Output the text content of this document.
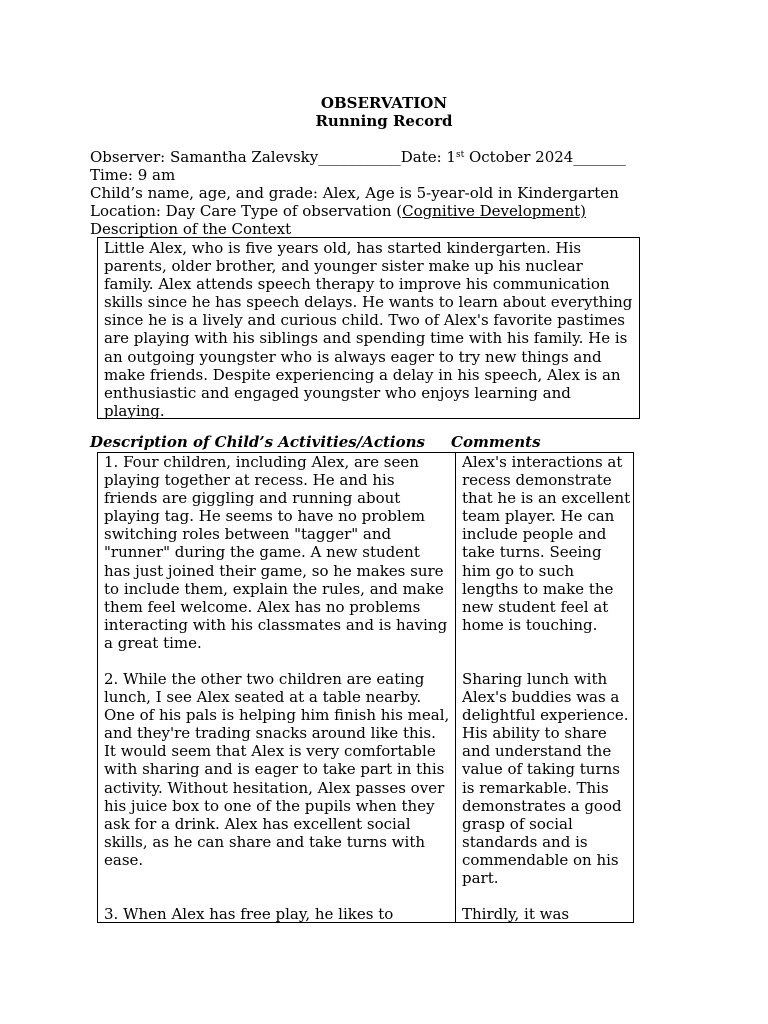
OBSERVATION
Running Record
Observer: Samantha Zalevsky___________Date: 1st October 2024_______
Time: 9 am
Child’s name, age, and grade: Alex, Age is 5-year-old in Kindergarten
Location: Day Care Type of observation (Cognitive Development)
Description of the Context
Little Alex, who is five years old, has started kindergarten. His parents, older brother, and younger sister make up his nuclear family. Alex attends speech therapy to improve his communication skills since he has speech delays. He wants to learn about everything since he is a lively and curious child. Two of Alex's favorite pastimes are playing with his siblings and spending time with his family. He is an outgoing youngster who is always eager to try new things and make friends. Despite experiencing a delay in his speech, Alex is an enthusiastic and engaged youngster who enjoys learning and playing.
Description of Child’s Activities/Actions Comments
1. Four children, including Alex, are seen playing together at recess. He and his friends are giggling and running about playing tag. He seems to have no problem switching roles between "tagger" and "runner" during the game. A new student has just joined their game, so he makes sure to include them, explain the rules, and make them feel welcome. Alex has no problems interacting with his classmates and is having a great time.
2. While the other two children are eating lunch, I see Alex seated at a table nearby. One of his pals is helping him finish his meal, and they're trading snacks around like this. It would seem that Alex is very comfortable with sharing and is eager to take part in this activity. Without hesitation, Alex passes over his juice box to one of the pupils when they ask for a drink. Alex has excellent social skills, as he can share and take turns with ease.
3. When Alex has free play, he likes to
Alex's interactions at recess demonstrate that he is an excellent team player. He can include people and take turns. Seeing him go to such lengths to make the new student feel at home is touching.
Sharing lunch with Alex's buddies was a delightful experience. His ability to share and understand the value of taking turns is remarkable. This demonstrates a good grasp of social standards and is commendable on his part.
Thirdly, it was
